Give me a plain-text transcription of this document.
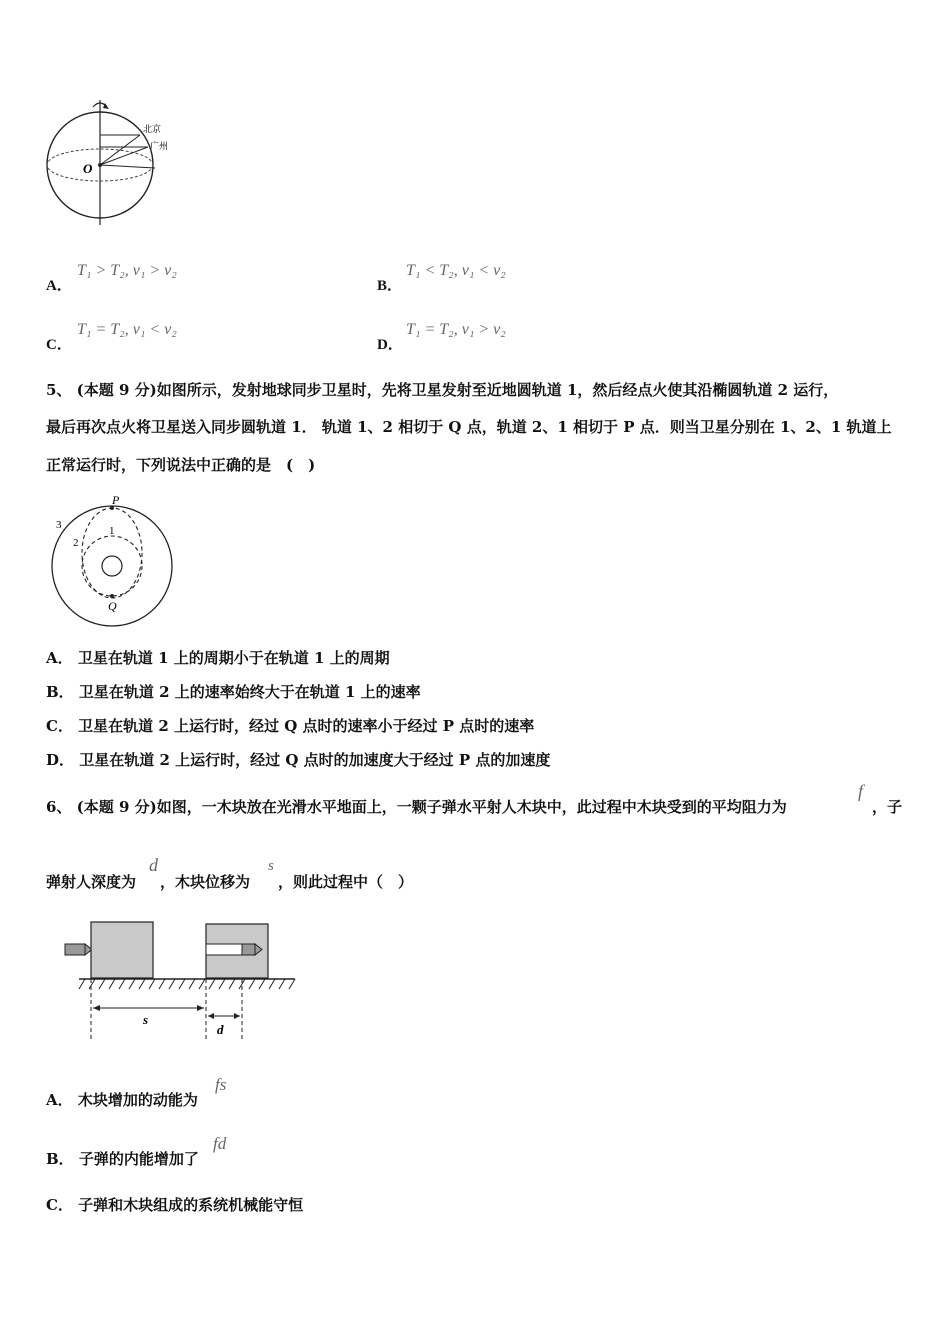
O
北京
广州
A．
T₁ > T₂, v₁ > v₂
B．
T₁ < T₂, v₁ < v₂
C．
T₁ = T₂, v₁ < v₂
D．
T₁ = T₂, v₁ > v₂
5、 (本题 9 分)如图所示，发射地球同步卫星时，先将卫星发射至近地圆轨道 1，然后经点火使其沿椭圆轨道 2 运行，
最后再次点火将卫星送入同步圆轨道 1． 轨道 1、2 相切于 Q 点，轨道 2、1 相切于 P 点．则当卫星分别在 1、2、1 轨道上
正常运行时，下列说法中正确的是　(　)
P
Q
1
2
3
A． 卫星在轨道 1 上的周期小于在轨道 1 上的周期
B． 卫星在轨道 2 上的速率始终大于在轨道 1 上的速率
C． 卫星在轨道 2 上运行时，经过 Q 点时的速率小于经过 P 点时的速率
D． 卫星在轨道 2 上运行时，经过 Q 点时的加速度大于经过 P 点的加速度
6、 (本题 9 分)如图，一木块放在光滑水平地面上，一颗子弹水平射人木块中，此过程中木块受到的平均阻力为
f
，子
弹射人深度为
d
，木块位移为
s
，则此过程中（　）
s
d
A． 木块增加的动能为
fs
B． 子弹的内能增加了
fd
C． 子弹和木块组成的系统机械能守恒
